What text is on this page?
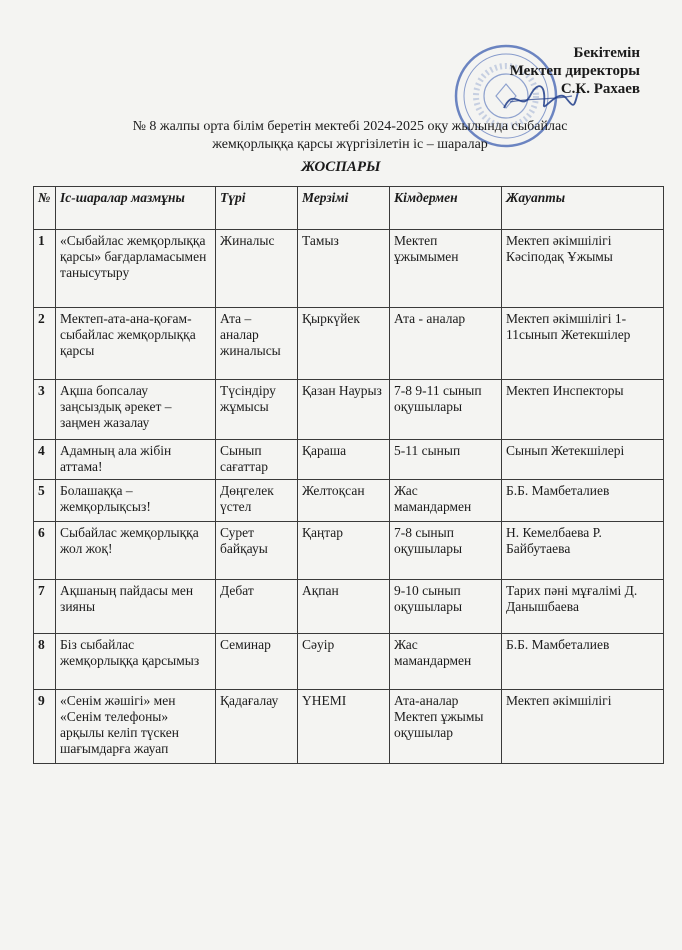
Бекітемін
Мектеп директоры
С.К. Рахаев
№ 8 жалпы орта білім беретін мектебі 2024-2025 оқу жылында сыбайлас
жемқорлыққа қарсы жүргізілетін іс – шаралар
ЖОСПАРЫ
№	Іс-шаралар мазмұны	Түрі	Мерзімі	Кімдермен	Жауапты
1	«Сыбайлас жемқорлыққа қарсы» бағдарламасымен танысутыру	Жиналыс	Тамыз	Мектеп ұжымымен	Мектеп әкімшілігі Кәсіподақ Ұжымы
2	Мектеп-ата-ана-қоғам-сыбайлас жемқорлыққа қарсы	Ата – аналар жиналысы	Қыркүйек	Ата - аналар	Мектеп әкімшілігі 1-11сынып Жетекшілер
3	Ақша бопсалау заңсыздық әрекет – заңмен жазалау	Түсіндіру жұмысы	Қазан Наурыз	7-8 9-11 сынып оқушылары	Мектеп Инспекторы
4	Адамның ала жібін аттама!	Сынып сағаттар	Қараша	5-11 сынып	Сынып Жетекшілері
5	Болашаққа – жемқорлықсыз!	Дөңгелек үстел	Желтоқсан	Жас мамандармен	Б.Б. Мамбеталиев
6	Сыбайлас жемқорлыққа жол жоқ!	Сурет байқауы	Қаңтар	7-8 сынып оқушылары	Н. Кемелбаева Р. Байбутаева
7	Ақшаның пайдасы мен зияны	Дебат	Ақпан	9-10 сынып оқушылары	Тарих пәні мұғалімі Д. Данышбаева
8	Біз сыбайлас жемқорлыққа қарсымыз	Семинар	Сәуір	Жас мамандармен	Б.Б. Мамбеталиев
9	«Сенім жәшігі» мен «Сенім телефоны» арқылы келіп түскен шағымдарға жауап	Қадағалау	ҮНЕМІ	Ата-аналар Мектеп ұжымы оқушылар	Мектеп әкімшілігі
